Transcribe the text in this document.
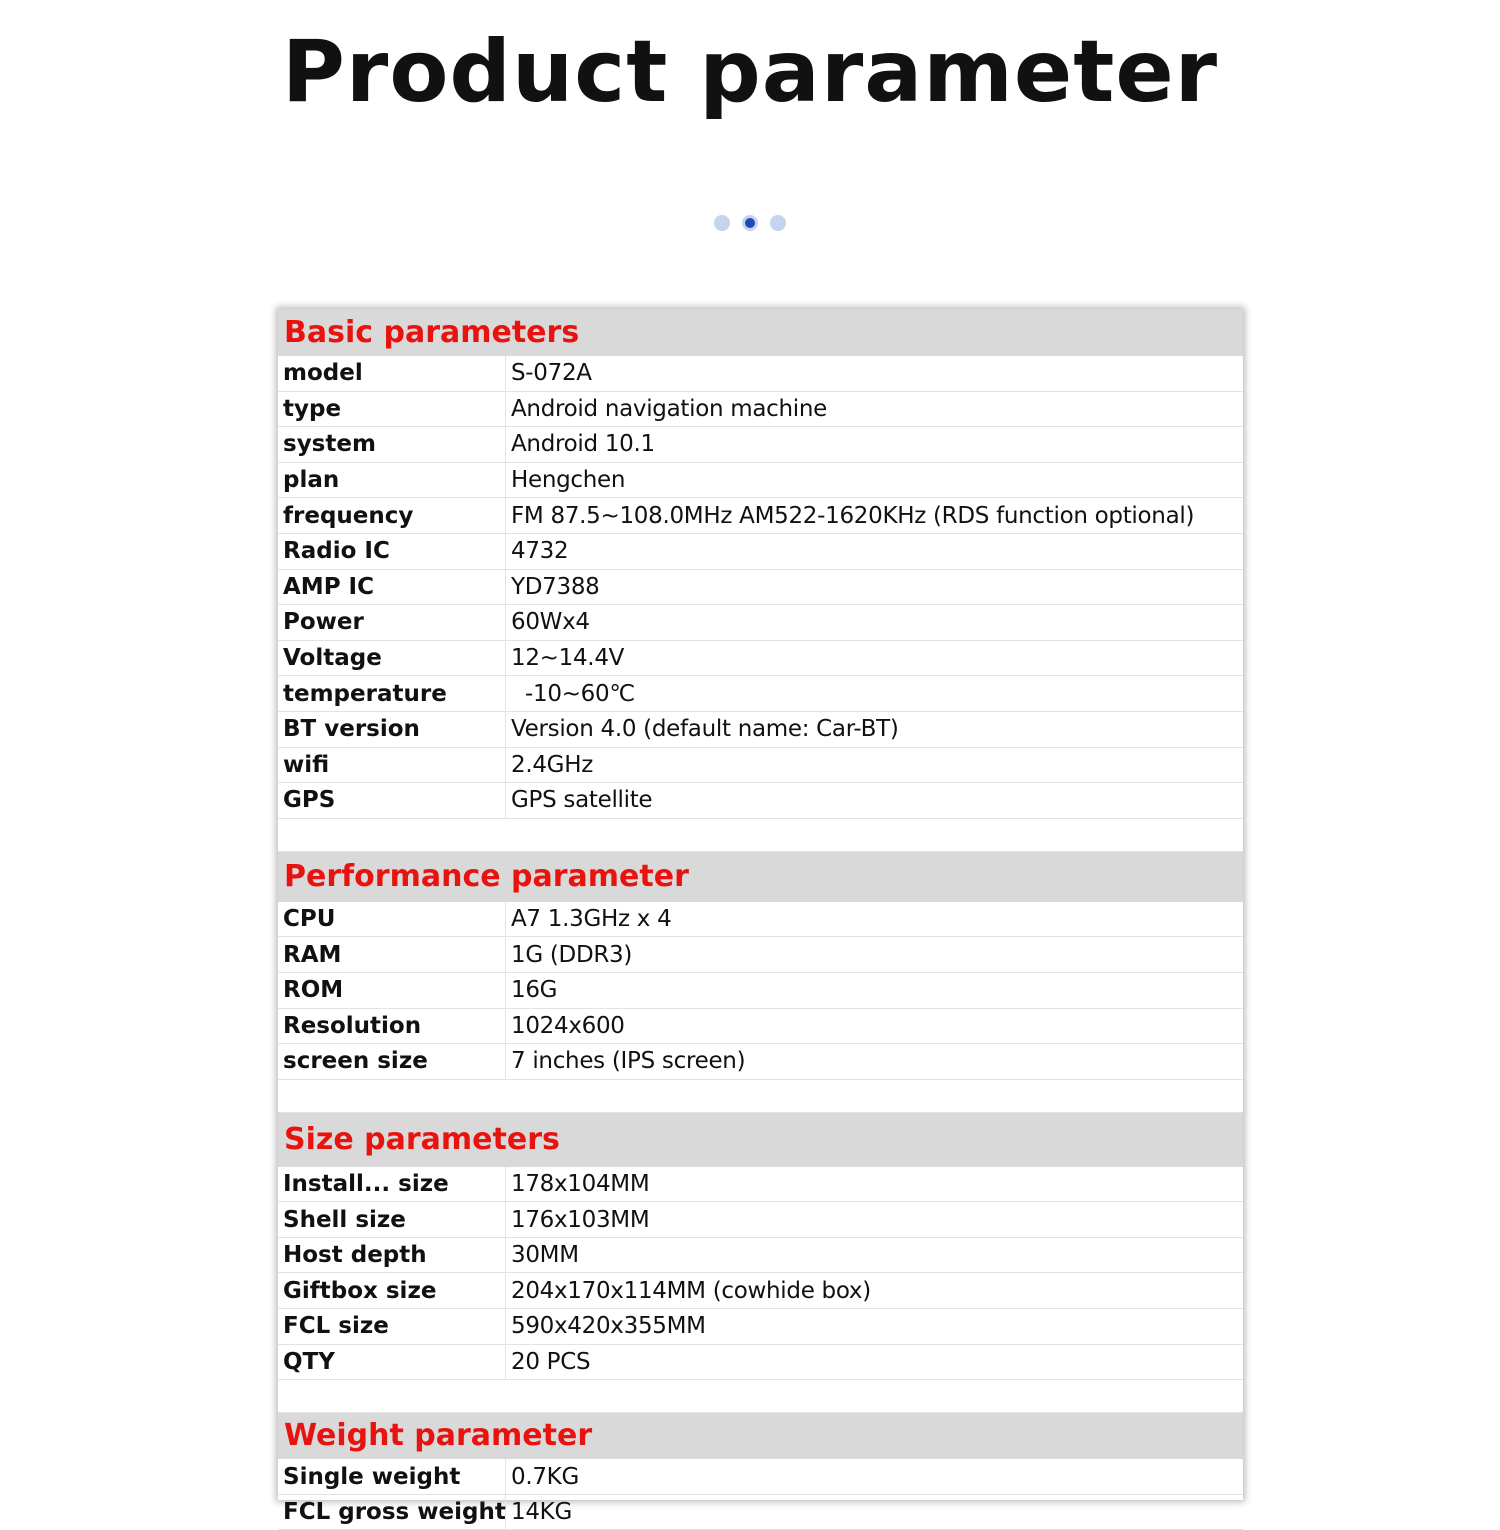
Product parameter
Basic parameters
model	S-072A
type	Android navigation machine
system	Android 10.1
plan	Hengchen
frequency	FM 87.5~108.0MHz AM522-1620KHz (RDS function optional)
Radio IC	4732
AMP IC	YD7388
Power	60Wx4
Voltage	12~14.4V
temperature	-10~60℃
BT version	Version 4.0 (default name: Car-BT)
wifi	2.4GHz
GPS	GPS satellite
Performance parameter
CPU	A7 1.3GHz x 4
RAM	1G (DDR3)
ROM	16G
Resolution	1024x600
screen size	7 inches (IPS screen)
Size parameters
Install... size	178x104MM
Shell size	176x103MM
Host depth	30MM
Giftbox size	204x170x114MM (cowhide box)
FCL size	590x420x355MM
QTY	20 PCS
Weight parameter
Single weight	0.7KG
FCL gross weight 14KG
